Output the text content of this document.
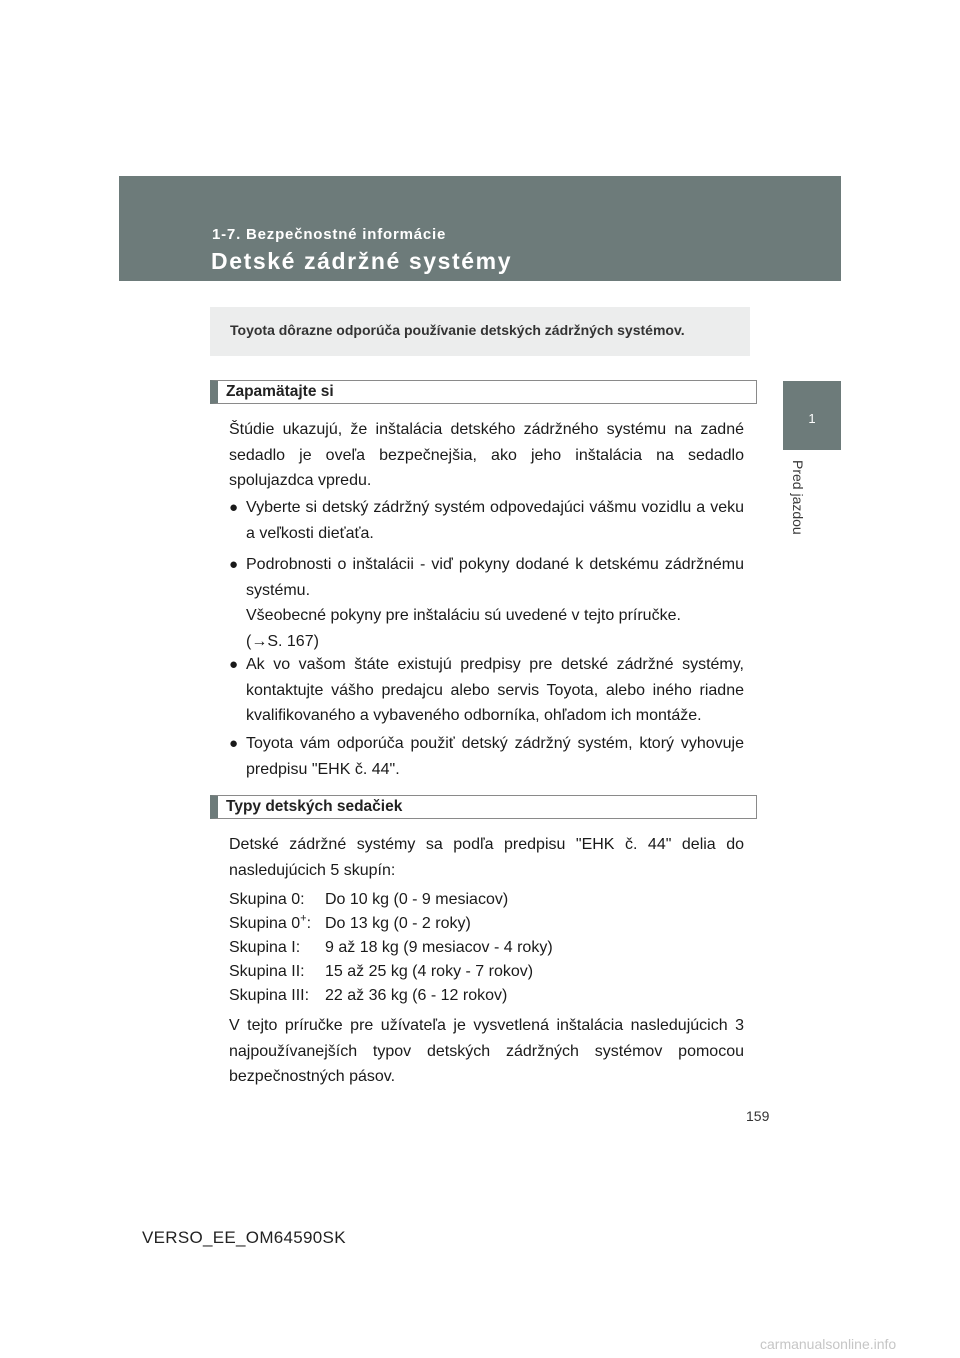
1-7. Bezpečnostné informácie
Detské zádržné systémy
1
Pred jazdou
Toyota dôrazne odporúča používanie detských zádržných systémov.
Zapamätajte si
Štúdie ukazujú, že inštalácia detského zádržného systému na zadné sedadlo je oveľa bezpečnejšia, ako jeho inštalácia na sedadlo spolujazdca vpredu.
● Vyberte si detský zádržný systém odpovedajúci vášmu vozidlu a veku a veľkosti dieťaťa.
● Podrobnosti o inštalácii - viď pokyny dodané k detskému zádržnému systému.

Všeobecné pokyny pre inštaláciu sú uvedené v tejto príručke.

(→S. 167)

● Ak vo vašom štáte existujú predpisy pre detské zádržné systémy, kontaktujte vášho predajcu alebo servis Toyota, alebo iného riadne kvalifikovaného a vybaveného odborníka, ohľadom ich montáže.
● Toyota vám odporúča použiť detský zádržný systém, ktorý vyhovuje predpisu "EHK č. 44".
Typy detských sedačiek
Detské zádržné systémy sa podľa predpisu "EHK č. 44" delia do nasledujúcich 5 skupín:
Skupina 0: Do 10 kg (0 - 9 mesiacov)
Skupina 0+: Do 13 kg (0 - 2 roky)
Skupina I: 9 až 18 kg (9 mesiacov - 4 roky)
Skupina II: 15 až 25 kg (4 roky - 7 rokov)
Skupina III: 22 až 36 kg (6 - 12 rokov)
V tejto príručke pre užívateľa je vysvetlená inštalácia nasledujúcich 3 najpoužívanejších typov detských zádržných systémov pomocou bezpečnostných pásov.
159
VERSO_EE_OM64590SK
carmanualsonline.info
